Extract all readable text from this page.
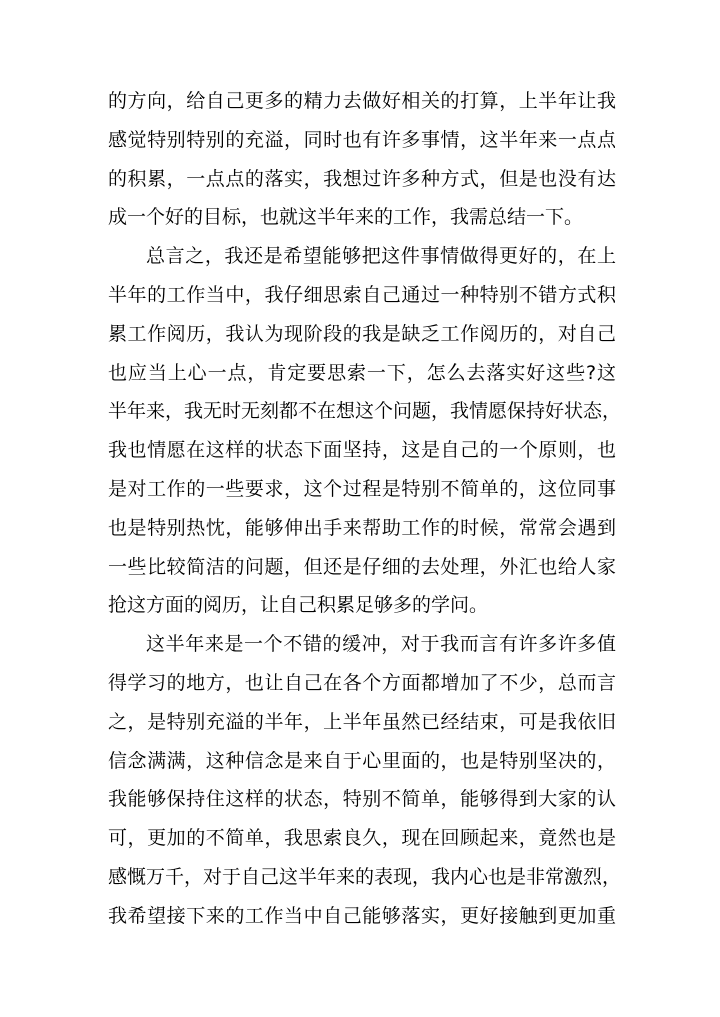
的方向，给自己更多的精力去做好相关的打算，上半年让我
感觉特别特别的充溢，同时也有许多事情，这半年来一点点
的积累，一点点的落实，我想过许多种方式，但是也没有达
成一个好的目标，也就这半年来的工作，我需总结一下。
总言之，我还是希望能够把这件事情做得更好的，在上
半年的工作当中，我仔细思索自己通过一种特别不错方式积
累工作阅历，我认为现阶段的我是缺乏工作阅历的，对自己
也应当上心一点，肯定要思索一下，怎么去落实好这些?这
半年来，我无时无刻都不在想这个问题，我情愿保持好状态，
我也情愿在这样的状态下面坚持，这是自己的一个原则，也
是对工作的一些要求，这个过程是特别不简单的，这位同事
也是特别热忱，能够伸出手来帮助工作的时候，常常会遇到
一些比较简洁的问题，但还是仔细的去处理，外汇也给人家
抢这方面的阅历，让自己积累足够多的学问。
这半年来是一个不错的缓冲，对于我而言有许多许多值
得学习的地方，也让自己在各个方面都增加了不少，总而言
之，是特别充溢的半年，上半年虽然已经结束，可是我依旧
信念满满，这种信念是来自于心里面的，也是特别坚决的，
我能够保持住这样的状态，特别不简单，能够得到大家的认
可，更加的不简单，我思索良久，现在回顾起来，竟然也是
感慨万千，对于自己这半年来的表现，我内心也是非常激烈，
我希望接下来的工作当中自己能够落实，更好接触到更加重
